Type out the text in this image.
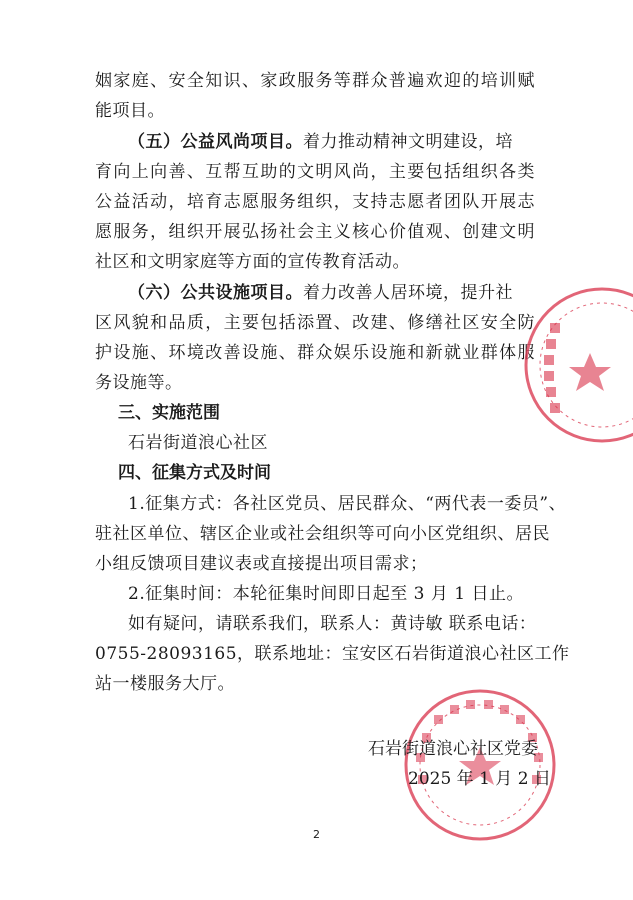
姻家庭、安全知识、家政服务等群众普遍欢迎的培训赋
能项目。
（五）公益风尚项目。着力推动精神文明建设，培
育向上向善、互帮互助的文明风尚，主要包括组织各类
公益活动，培育志愿服务组织，支持志愿者团队开展志
愿服务，组织开展弘扬社会主义核心价值观、创建文明
社区和文明家庭等方面的宣传教育活动。
（六）公共设施项目。着力改善人居环境，提升社
区风貌和品质，主要包括添置、改建、修缮社区安全防
护设施、环境改善设施、群众娱乐设施和新就业群体服
务设施等。
三、实施范围
石岩街道浪心社区
四、征集方式及时间
1.征集方式：各社区党员、居民群众、“两代表一委员”、
驻社区单位、辖区企业或社会组织等可向小区党组织、居民
小组反馈项目建议表或直接提出项目需求；
2.征集时间：本轮征集时间即日起至 3 月 1 日止。
如有疑问，请联系我们，联系人：黄诗敏 联系电话：
0755-28093165，联系地址：宝安区石岩街道浪心社区工作
站一楼服务大厅。
石岩街道浪心社区党委
2025 年 1 月 2 日
2
